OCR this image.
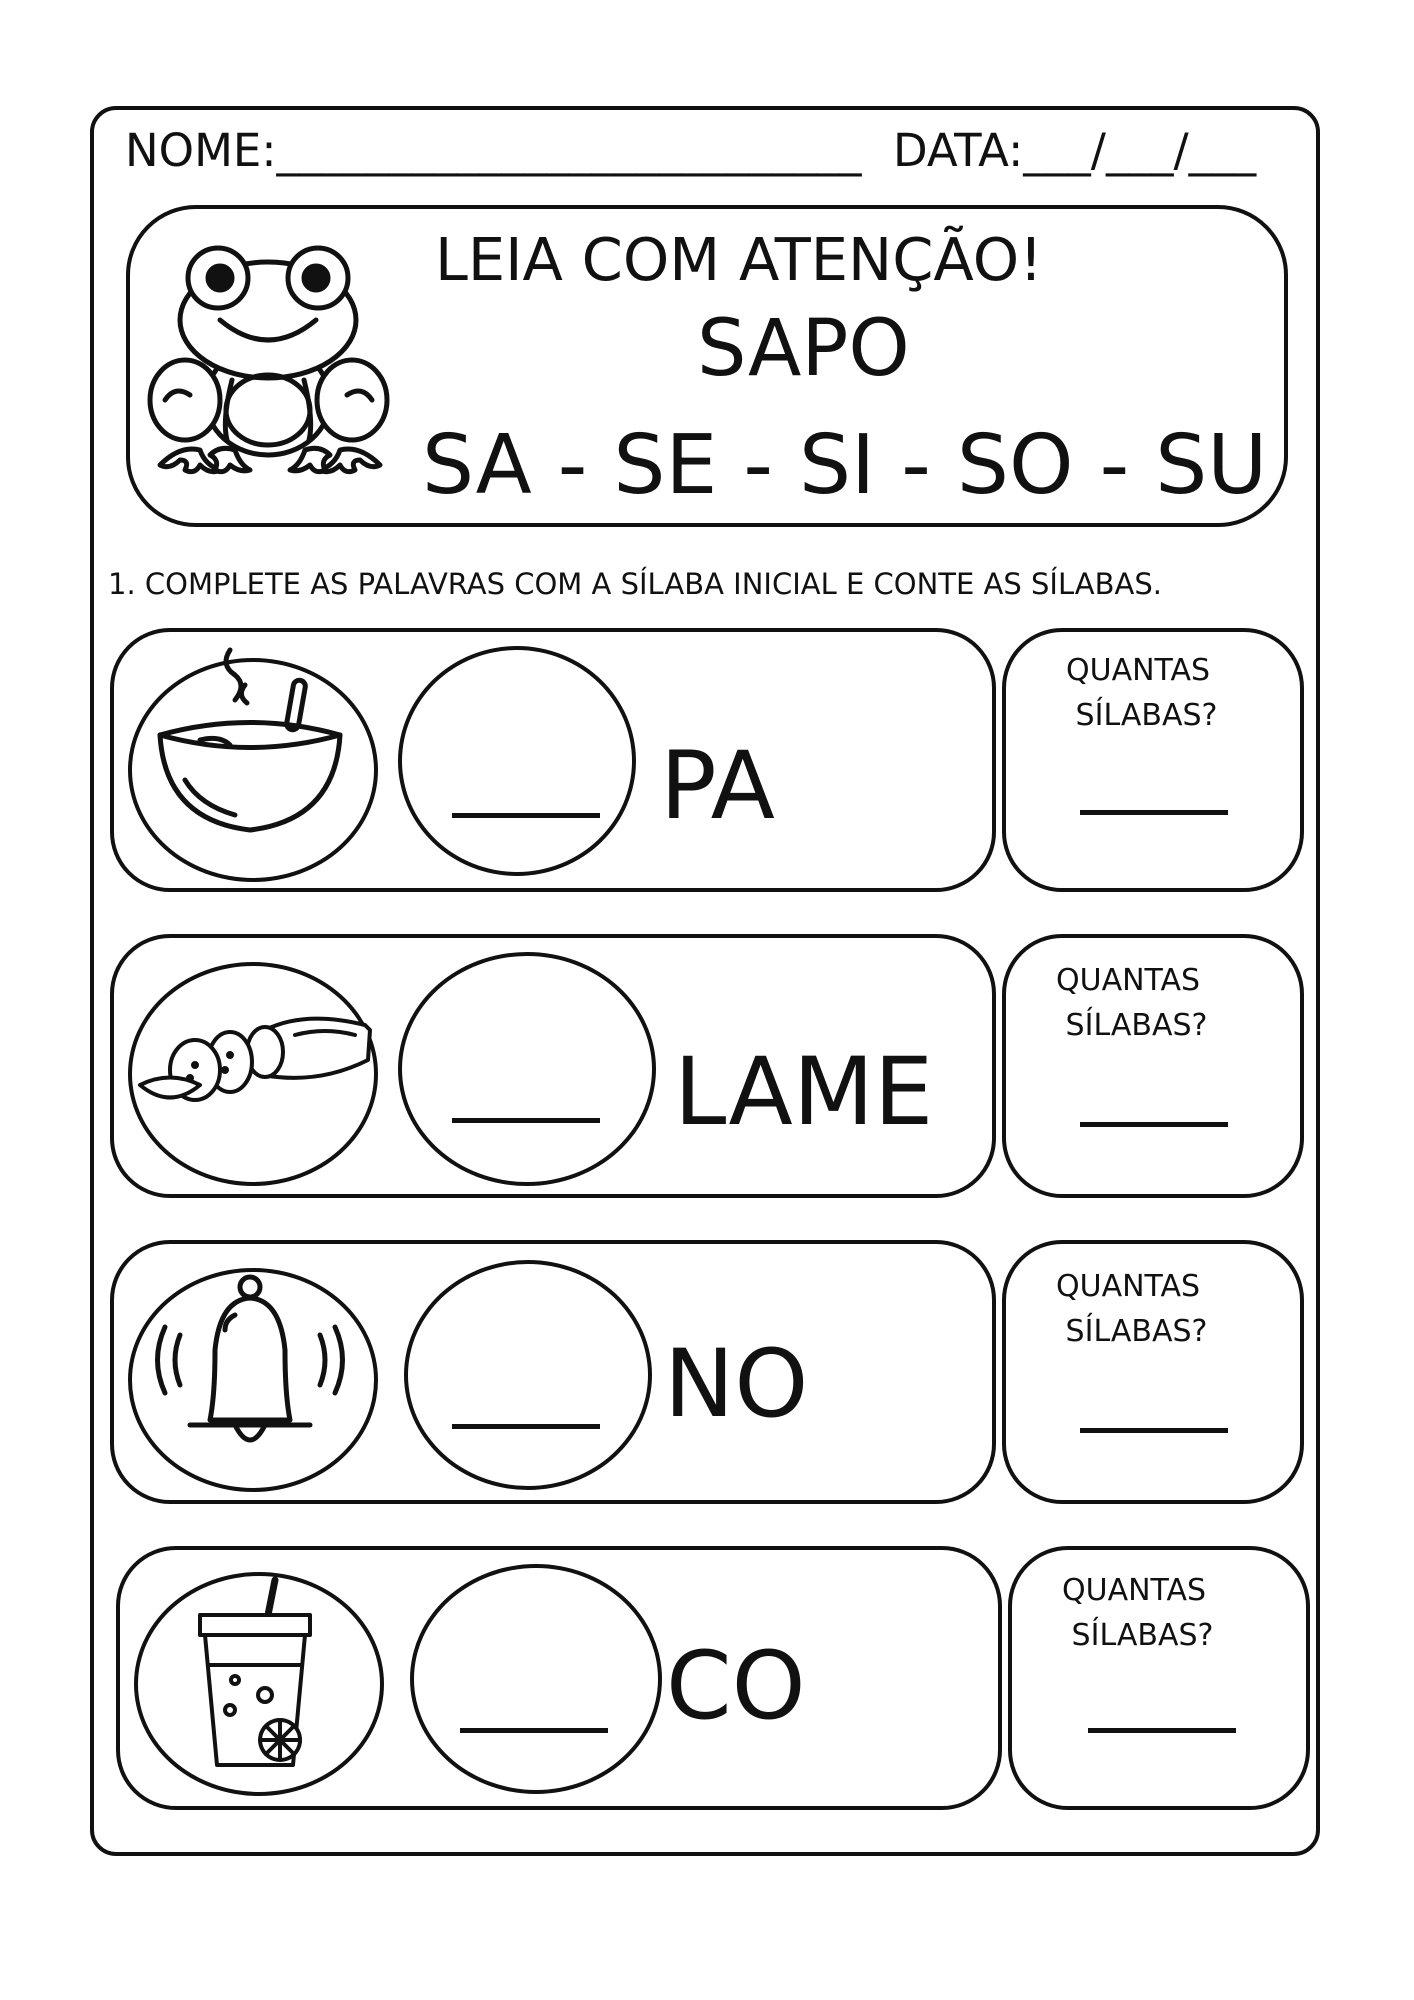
NOME:__________________________ DATA:___/___/___
LEIA COM ATENÇÃO!
SAPO
SA - SE - SI - SO - SU
1. COMPLETE AS PALAVRAS COM A SÍLABA INICIAL E CONTE AS SÍLABAS.
PA
QUANTAS
SÍLABAS?
LAME
QUANTAS
SÍLABAS?
NO
QUANTAS
SÍLABAS?
CO
QUANTAS
SÍLABAS?
